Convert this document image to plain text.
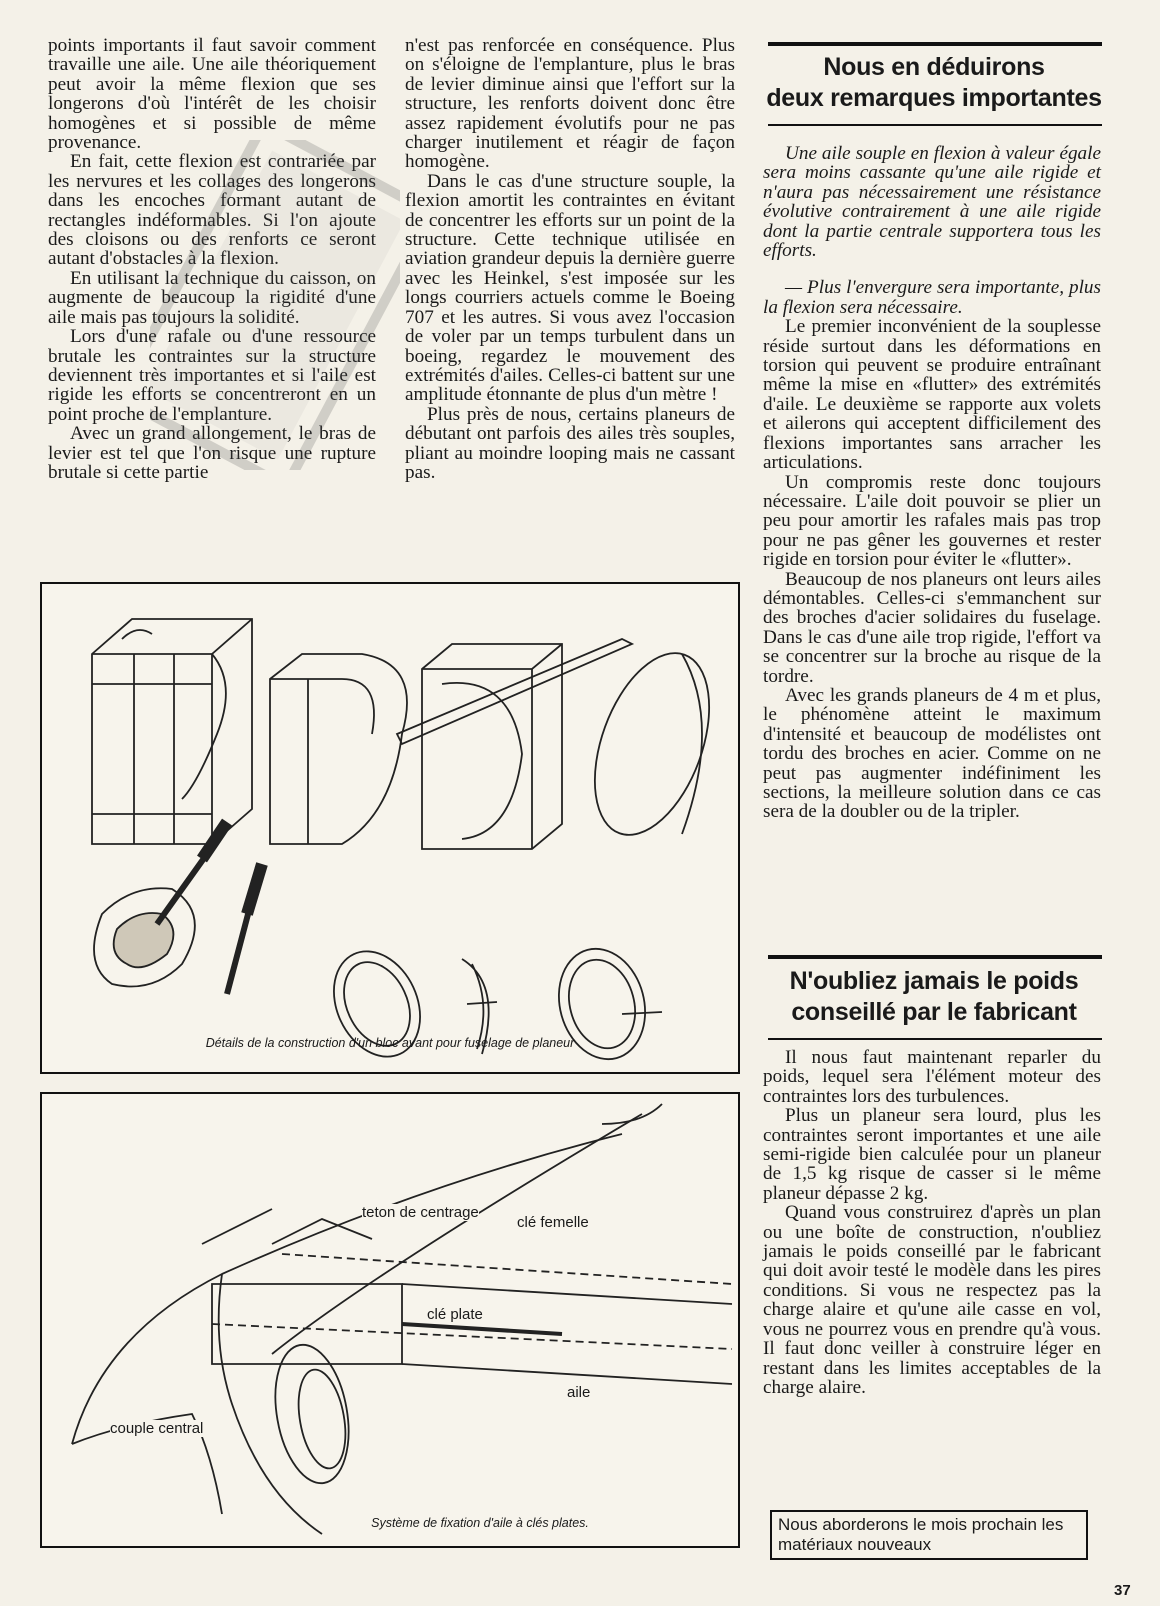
points importants il faut savoir comment travaille une aile. Une aile théoriquement peut avoir la même flexion que ses longerons d'où l'intérêt de les choisir homogènes et si possible de même provenance.

En fait, cette flexion est contrariée par les nervures et les collages des longerons dans les encoches formant autant de rectangles indéformables. Si l'on ajoute des cloisons ou des renforts ce seront autant d'obstacles à la flexion.

En utilisant la technique du caisson, on augmente de beaucoup la rigidité d'une aile mais pas toujours la solidité.

Lors d'une rafale ou d'une ressource brutale les contraintes sur la structure deviennent très importantes et si l'aile est rigide les efforts se concentreront en un point proche de l'emplanture.

Avec un grand allongement, le bras de levier est tel que l'on risque une rupture brutale si cette partie

n'est pas renforcée en conséquence. Plus on s'éloigne de l'emplanture, plus le bras de levier diminue ainsi que l'effort sur la structure, les renforts doivent donc être assez rapidement évolutifs pour ne pas charger inutilement et réagir de façon homogène.

Dans le cas d'une structure souple, la flexion amortit les contraintes en évitant de concentrer les efforts sur un point de la structure. Cette technique utilisée en aviation grandeur depuis la dernière guerre avec les Heinkel, s'est imposée sur les longs courriers actuels comme le Boeing 707 et les autres. Si vous avez l'occasion de voler par un temps turbulent dans un boeing, regardez le mouvement des extrémités d'ailes. Celles-ci battent sur une amplitude étonnante de plus d'un mètre !

Plus près de nous, certains planeurs de débutant ont parfois des ailes très souples, pliant au moindre looping mais ne cassant pas.

Nous en déduirons
deux remarques importantes

Une aile souple en flexion à valeur égale sera moins cassante qu'une aile rigide et n'aura pas nécessairement une résistance évolutive contrairement à une aile rigide dont la partie centrale supportera tous les efforts.

— Plus l'envergure sera importante, plus la flexion sera nécessaire.

Le premier inconvénient de la souplesse réside surtout dans les déformations en torsion qui peuvent se produire entraînant même la mise en «flutter» des extrémités d'aile. Le deuxième se rapporte aux volets et ailerons qui acceptent difficilement des flexions importantes sans arracher les articulations.

Un compromis reste donc toujours nécessaire. L'aile doit pouvoir se plier un peu pour amortir les rafales mais pas trop pour ne pas gêner les gouvernes et rester rigide en torsion pour éviter le «flutter».

Beaucoup de nos planeurs ont leurs ailes démontables. Celles-ci s'emmanchent sur des broches d'acier solidaires du fuselage. Dans le cas d'une aile trop rigide, l'effort va se concentrer sur la broche au risque de la tordre.

Avec les grands planeurs de 4 m et plus, le phénomène atteint le maximum d'intensité et beaucoup de modélistes ont tordu des broches en acier. Comme on ne peut pas augmenter indéfiniment les sections, la meilleure solution dans ce cas sera de la doubler ou de la tripler.

N'oubliez jamais le poids
conseillé par le fabricant

Il nous faut maintenant reparler du poids, lequel sera l'élément moteur des contraintes lors des turbulences.

Plus un planeur sera lourd, plus les contraintes seront importantes et une aile semi-rigide bien calculée pour un planeur de 1,5 kg risque de casser si le même planeur dépasse 2 kg.

Quand vous construirez d'après un plan ou une boîte de construction, n'oubliez jamais le poids conseillé par le fabricant qui doit avoir testé le modèle dans les pires conditions. Si vous ne respectez pas la charge alaire et qu'une aile casse en vol, vous ne pourrez vous en prendre qu'à vous. Il faut donc veiller à construire léger en restant dans les limites acceptables de la charge alaire.

Nous aborderons le mois prochain les matériaux nouveaux
Détails de la construction d'un bloc avant pour fuselage de planeur
teton de centrage
clé femelle
clé plate
aile
couple central
Système de fixation d'aile à clés plates.
37
